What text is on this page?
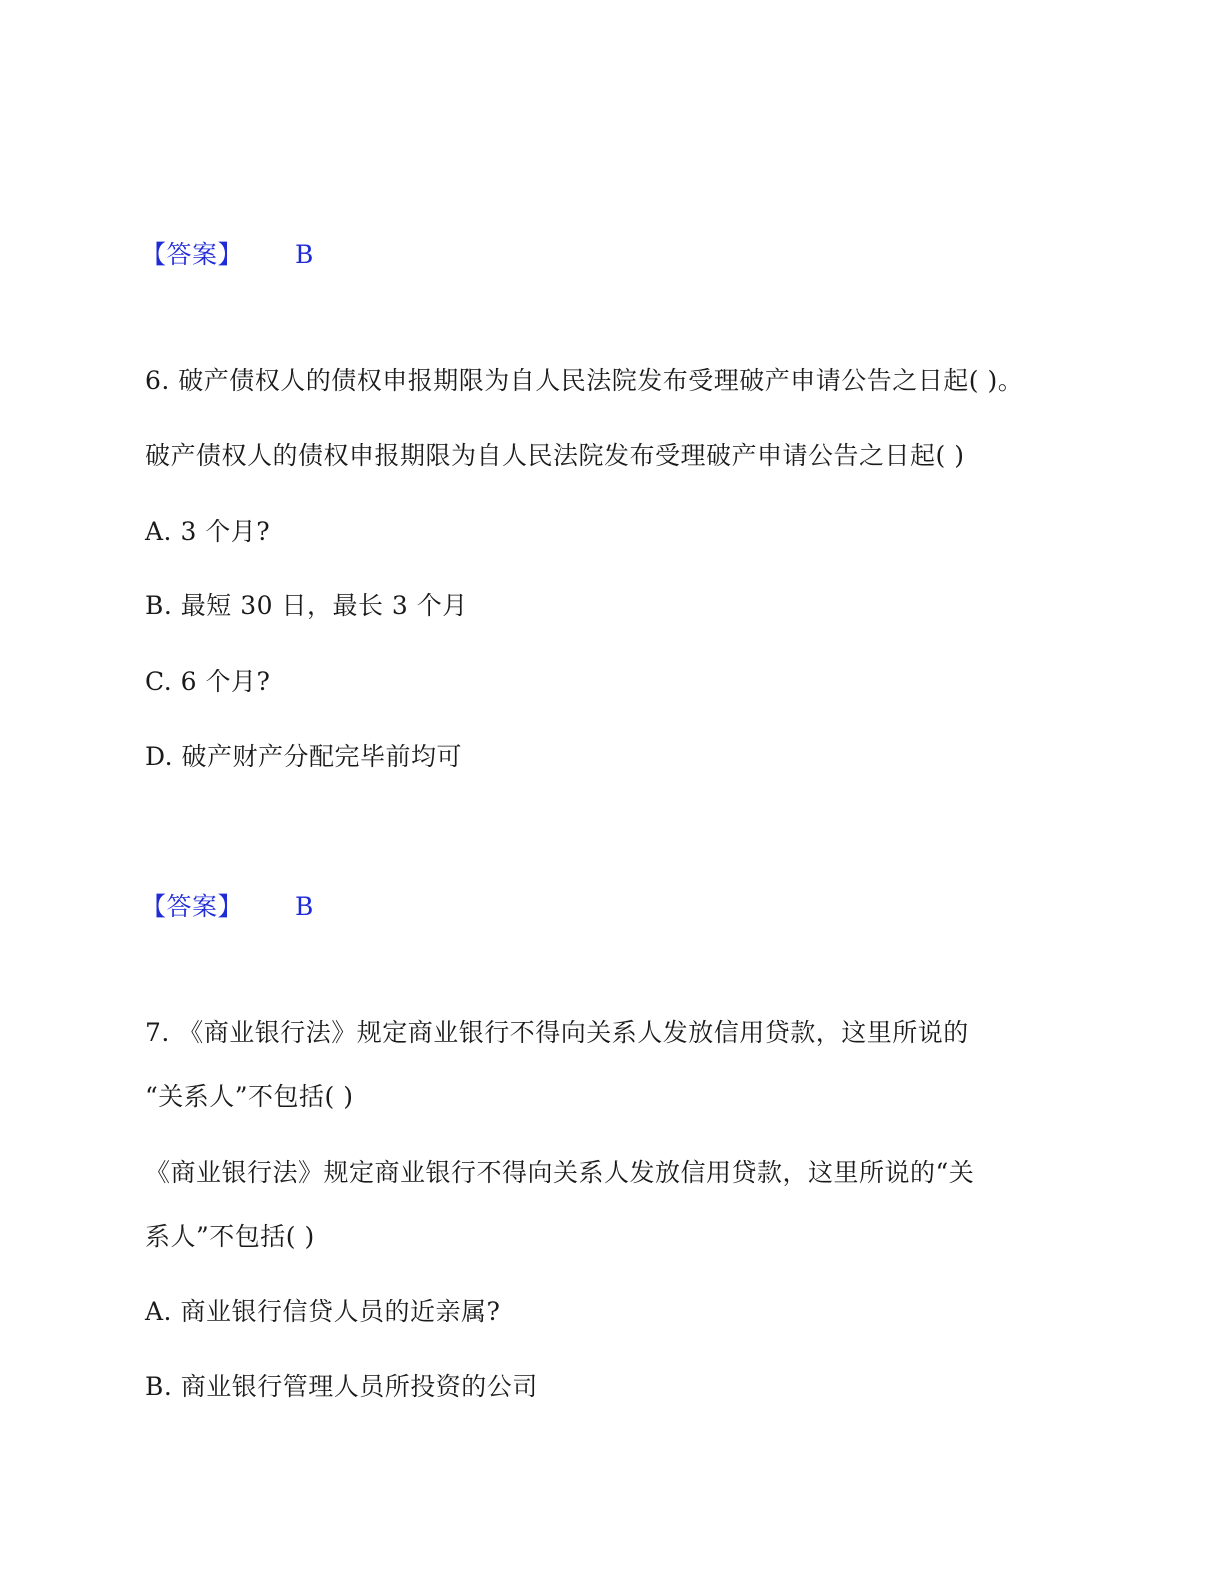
【答案】 B
6. 破产债权人的债权申报期限为自人民法院发布受理破产申请公告之日起( )。
破产债权人的债权申报期限为自人民法院发布受理破产申请公告之日起( )
A. 3 个月?
B. 最短 30 日，最长 3 个月
C. 6 个月?
D. 破产财产分配完毕前均可
【答案】 B
7. 《商业银行法》规定商业银行不得向关系人发放信用贷款，这里所说的
“关系人”不包括( )
《商业银行法》规定商业银行不得向关系人发放信用贷款，这里所说的“关
系人”不包括( )
A. 商业银行信贷人员的近亲属?
B. 商业银行管理人员所投资的公司
